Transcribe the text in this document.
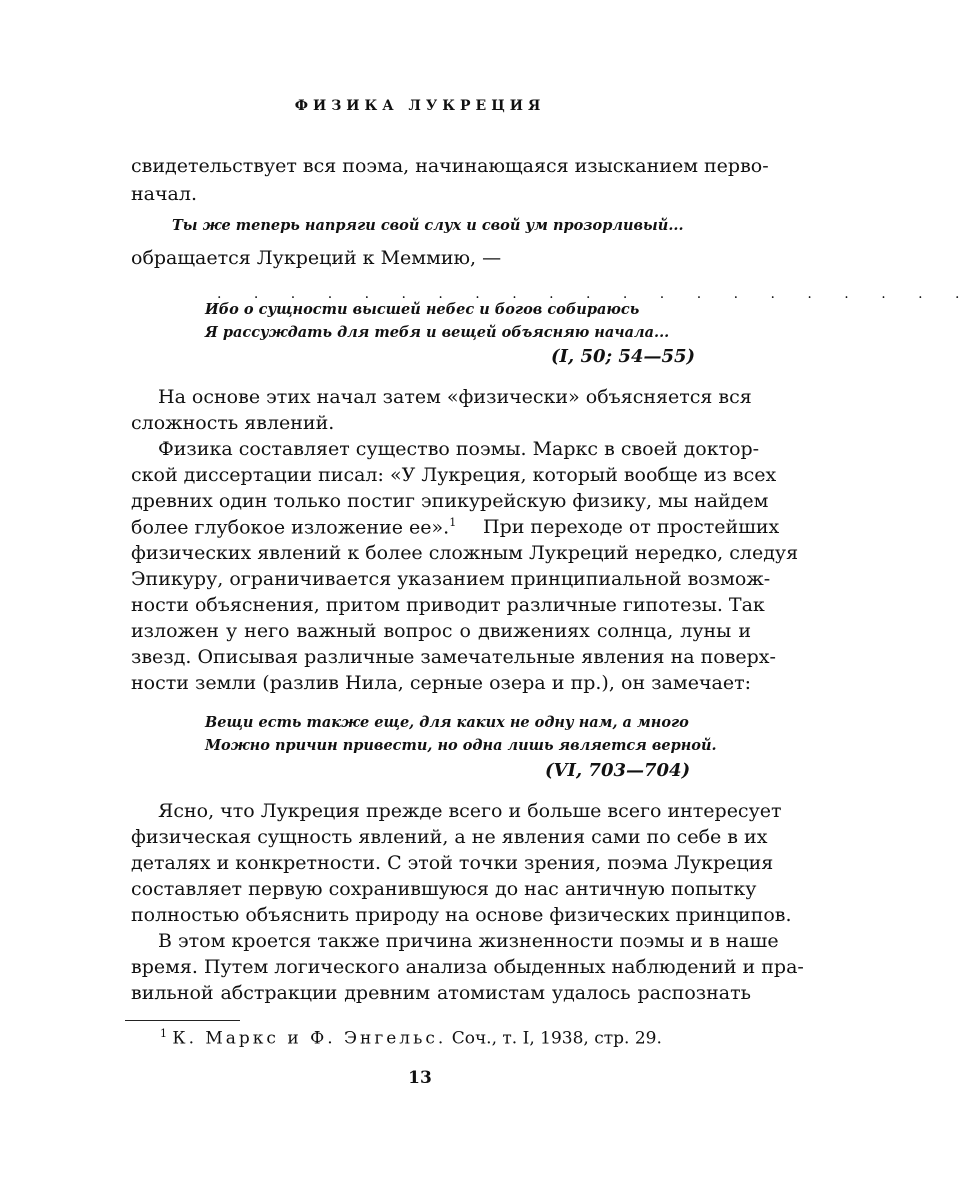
ФИЗИКА ЛУКРЕЦИЯ
свидетельствует вся поэма, начинающаяся изысканием перво-
начал.
Ты же теперь напряги свой слух и свой ум прозорливый...
обращается Лукреций к Меммию, —
. . . . . . . . . . . . . . . . . . . . .
Ибо о сущности высшей небес и богов собираюсь
Я рассуждать для тебя и вещей объясняю начала...
(I, 50; 54—55)
На основе этих начал затем «физически» объясняется вся
сложность явлений.
Физика составляет существо поэмы. Маркс в своей доктор-
ской диссертации писал: «У Лукреция, который вообще из всех
древних один только постиг эпикурейскую физику, мы найдем
более глубокое изложение ее».$^1$ При переходе от простейших
физических явлений к более сложным Лукреций нередко, следуя
Эпикуру, ограничивается указанием принципиальной возмож-
ности объяснения, притом приводит различные гипотезы. Так
изложен у него важный вопрос о движениях солнца, луны и
звезд. Описывая различные замечательные явления на поверх-
ности земли (разлив Нила, серные озера и пр.), он замечает:
Вещи есть также еще, для каких не одну нам, а много
Можно причин привести, но одна лишь является верной.
(VI, 703—704)
Ясно, что Лукреция прежде всего и больше всего интересует
физическая сущность явлений, а не явления сами по себе в их
деталях и конкретности. С этой точки зрения, поэма Лукреция
составляет первую сохранившуюся до нас античную попытку
полностью объяснить природу на основе физических принципов.
В этом кроется также причина жизненности поэмы и в наше
время. Путем логического анализа обыденных наблюдений и пра-
вильной абстракции древним атомистам удалось распознать
$^1$ К. Маркс и Ф. Энгельс. Соч., т. I, 1938, стр. 29.
13
